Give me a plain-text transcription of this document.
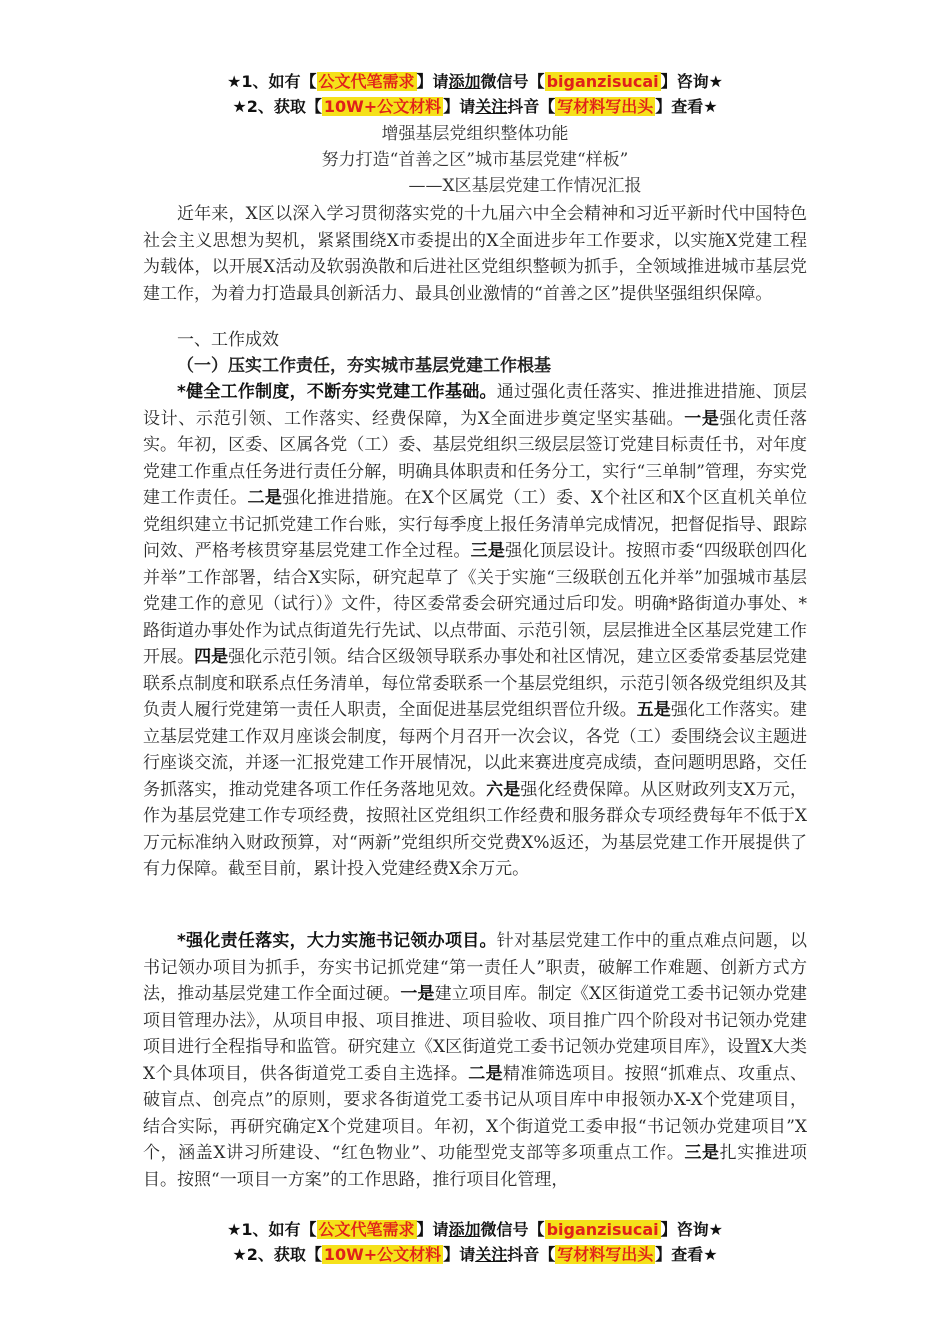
★1、如有【 公文代笔需求 】请添加微信号【 biganzisucai 】咨询★
★2、获取【 10W+公文材料 】请关注抖音【 写材料写出头 】查看★
增强基层党组织整体功能
努力打造“首善之区”城市基层党建“样板”
——X区基层党建工作情况汇报

近年来，X区以深入学习贯彻落实党的十九届六中全会精神和习近平新时代中国特色社会主义思想为契机，紧紧围绕X市委提出的X全面进步年工作要求，以实施X党建工程为载体，以开展X活动及软弱涣散和后进社区党组织整顿为抓手，全领域推进城市基层党建工作，为着力打造最具创新活力、最具创业激情的“首善之区”提供坚强组织保障。

一、工作成效
（一）压实工作责任，夯实城市基层党建工作根基

*健全工作制度，不断夯实党建工作基础。通过强化责任落实、推进推进措施、顶层设计、示范引领、工作落实、经费保障，为X全面进步奠定坚实基础。一是强化责任落实。年初，区委、区属各党（工）委、基层党组织三级层层签订党建目标责任书，对年度党建工作重点任务进行责任分解，明确具体职责和任务分工，实行“三单制”管理，夯实党建工作责任。二是强化推进措施。在X个区属党（工）委、X个社区和X个区直机关单位党组织建立书记抓党建工作台账，实行每季度上报任务清单完成情况，把督促指导、跟踪问效、严格考核贯穿基层党建工作全过程。三是强化顶层设计。按照市委“四级联创四化并举”工作部署，结合X实际，研究起草了《关于实施“三级联创五化并举”加强城市基层党建工作的意见（试行）》文件，待区委常委会研究通过后印发。明确*路街道办事处、*路街道办事处作为试点街道先行先试、以点带面、示范引领，层层推进全区基层党建工作开展。四是强化示范引领。结合区级领导联系办事处和社区情况，建立区委常委基层党建联系点制度和联系点任务清单，每位常委联系一个基层党组织，示范引领各级党组织及其负责人履行党建第一责任人职责，全面促进基层党组织晋位升级。五是强化工作落实。建立基层党建工作双月座谈会制度，每两个月召开一次会议，各党（工）委围绕会议主题进行座谈交流，并逐一汇报党建工作开展情况，以此来赛进度亮成绩，查问题明思路，交任务抓落实，推动党建各项工作任务落地见效。六是强化经费保障。从区财政列支X万元，作为基层党建工作专项经费，按照社区党组织工作经费和服务群众专项经费每年不低于X万元标准纳入财政预算，对“两新”党组织所交党费X%返还，为基层党建工作开展提供了有力保障。截至目前，累计投入党建经费X余万元。

*强化责任落实，大力实施书记领办项目。针对基层党建工作中的重点难点问题，以书记领办项目为抓手，夯实书记抓党建“第一责任人”职责，破解工作难题、创新方式方法，推动基层党建工作全面过硬。一是建立项目库。制定《X区街道党工委书记领办党建项目管理办法》，从项目申报、项目推进、项目验收、项目推广四个阶段对书记领办党建项目进行全程指导和监管。研究建立《X区街道党工委书记领办党建项目库》，设置X大类X个具体项目，供各街道党工委自主选择。二是精准筛选项目。按照“抓难点、攻重点、破盲点、创亮点”的原则，要求各街道党工委书记从项目库中申报领办X-X个党建项目，结合实际，再研究确定X个党建项目。年初，X个街道党工委申报“书记领办党建项目”X个，涵盖X讲习所建设、“红色物业”、功能型党支部等多项重点工作。三是扎实推进项目。按照“一项目一方案”的工作思路，推行项目化管理，

★1、如有【 公文代笔需求 】请添加微信号【 biganzisucai 】咨询★
★2、获取【 10W+公文材料 】请关注抖音【 写材料写出头 】查看★
